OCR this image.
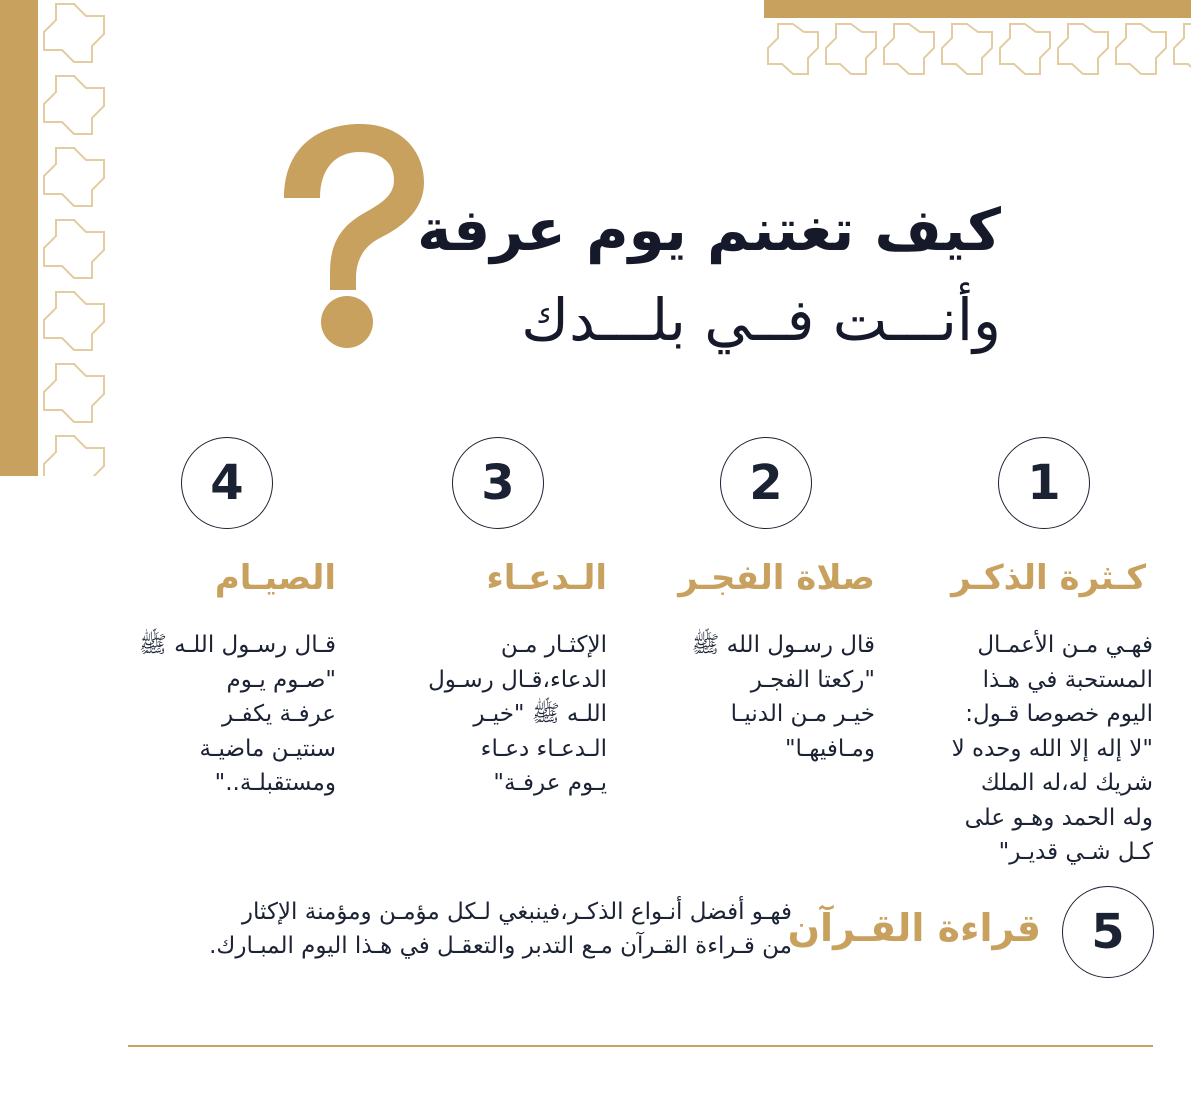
كيف تغتنم يوم عرفة
وأنـــت فــي بلـــدك
1
كـثرة الذكـر
فهـي مـن الأعمـال
المستحبة في هـذا
اليوم خصوصا قـول:
"لا إله إلا الله وحده لا
شريك له،له الملك
وله الحمد وهـو على
كـل شـي قديـر"
2
صلاة الفجـر
قال رسـول الله ﷺ
"ركعتا الفجـر
خيـر مـن الدنيـا
ومـافيهـا"
3
الـدعـاء
الإكثـار مـن
الدعاء،قـال رسـول
اللـه ﷺ "خيـر
الـدعـاء دعـاء
يـوم عرفـة"
4
الصيـام
قـال رسـول اللـه ﷺ
"صـوم يـوم
عرفـة يكفـر
سنتيـن ماضيـة
ومستقبلـة.."
5
قراءة القـرآن
فهـو أفضل أنـواع الذكـر،فينبغي لـكل مؤمـن ومؤمنة الإكثار
من قـراءة القـرآن مـع التدبر والتعقـل في هـذا اليوم المبـارك.
